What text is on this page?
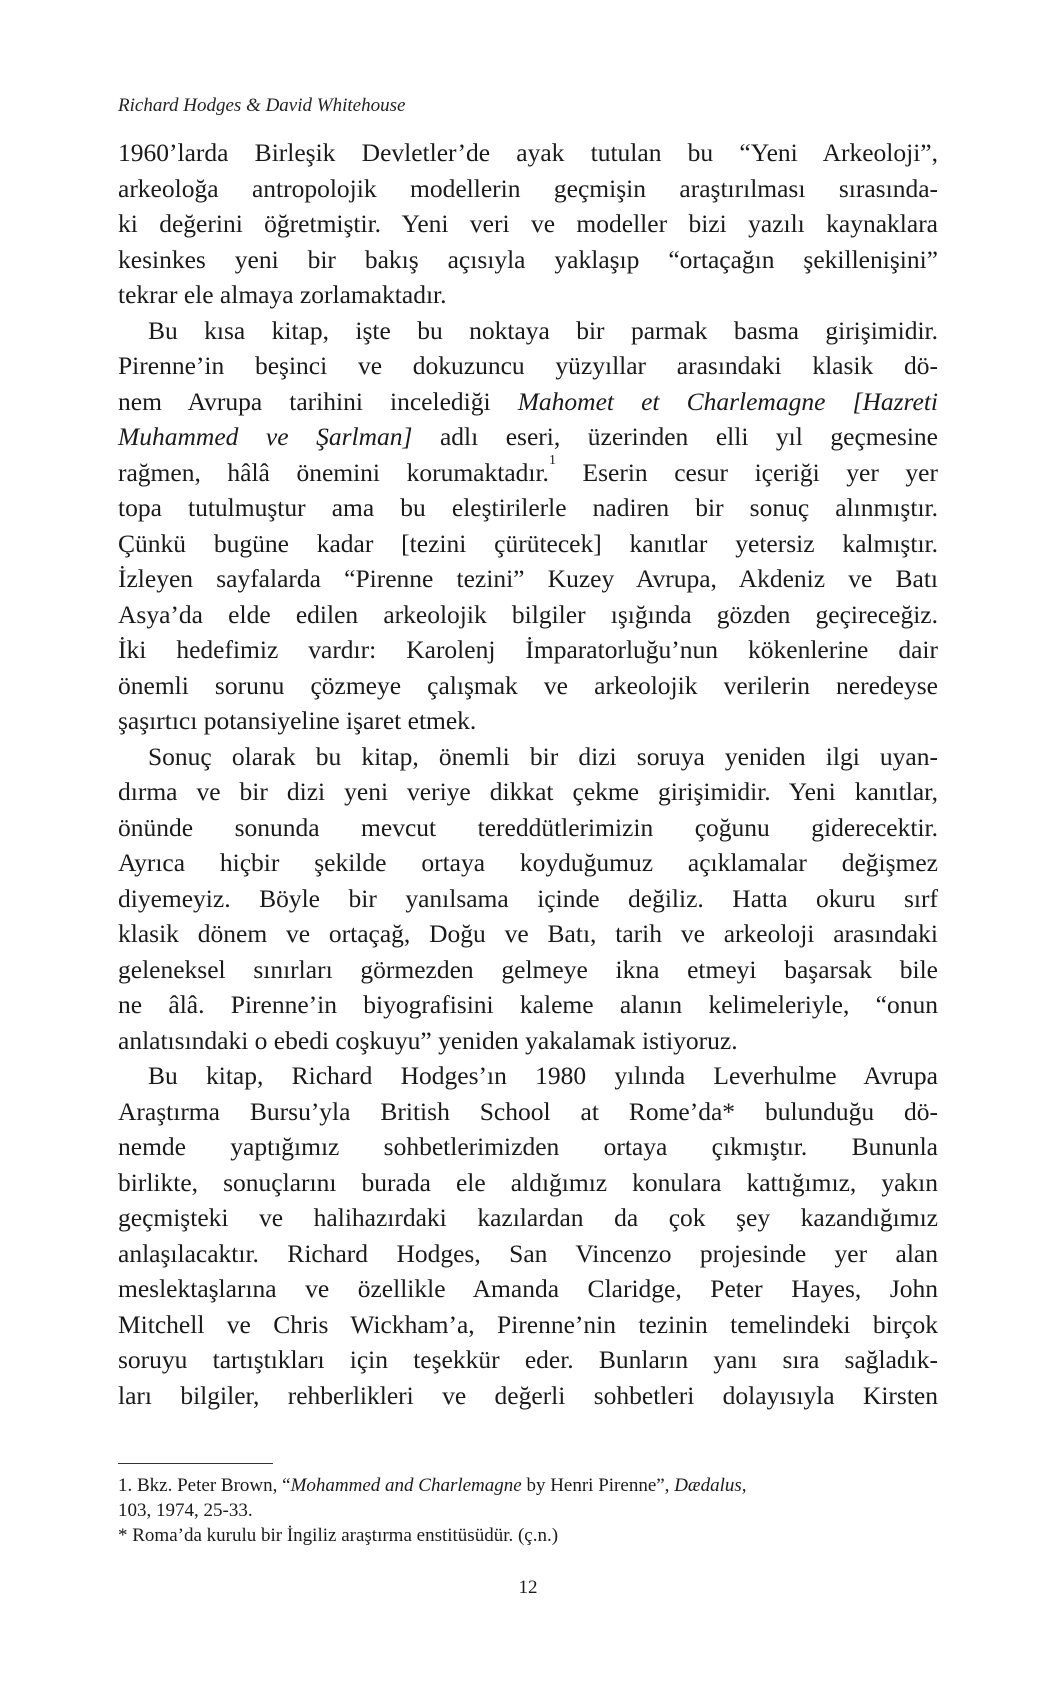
Richard Hodges & David Whitehouse

1960’larda Birleşik Devletler’de ayak tutulan bu “Yeni Arkeoloji”,
arkeoloğa antropolojik modellerin geçmişin araştırılması sırasında-
ki değerini öğretmiştir. Yeni veri ve modeller bizi yazılı kaynaklara
kesinkes yeni bir bakış açısıyla yaklaşıp “ortaçağın şekillenişini”
tekrar ele almaya zorlamaktadır.

Bu kısa kitap, işte bu noktaya bir parmak basma girişimidir.
Pirenne’in beşinci ve dokuzuncu yüzyıllar arasındaki klasik dö-
nem Avrupa tarihini incelediği Mahomet et Charlemagne [Hazreti
Muhammed ve Şarlman] adlı eseri, üzerinden elli yıl geçmesine
rağmen, hâlâ önemini korumaktadır.$^1$ Eserin cesur içeriği yer yer
topa tutulmuştur ama bu eleştirilerle nadiren bir sonuç alınmıştır.
Çünkü bugüne kadar [tezini çürütecek] kanıtlar yetersiz kalmıştır.
İzleyen sayfalarda “Pirenne tezini” Kuzey Avrupa, Akdeniz ve Batı
Asya’da elde edilen arkeolojik bilgiler ışığında gözden geçireceğiz.
İki hedefimiz vardır: Karolenj İmparatorluğu’nun kökenlerine dair
önemli sorunu çözmeye çalışmak ve arkeolojik verilerin neredeyse
şaşırtıcı potansiyeline işaret etmek.

Sonuç olarak bu kitap, önemli bir dizi soruya yeniden ilgi uyan-
dırma ve bir dizi yeni veriye dikkat çekme girişimidir. Yeni kanıtlar,
önünde sonunda mevcut tereddütlerimizin çoğunu giderecektir.
Ayrıca hiçbir şekilde ortaya koyduğumuz açıklamalar değişmez
diyemeyiz. Böyle bir yanılsama içinde değiliz. Hatta okuru sırf
klasik dönem ve ortaçağ, Doğu ve Batı, tarih ve arkeoloji arasındaki
geleneksel sınırları görmezden gelmeye ikna etmeyi başarsak bile
ne âlâ. Pirenne’in biyografisini kaleme alanın kelimeleriyle, “onun
anlatısındaki o ebedi coşkuyu” yeniden yakalamak istiyoruz.

Bu kitap, Richard Hodges’ın 1980 yılında Leverhulme Avrupa
Araştırma Bursu’yla British School at Rome’da* bulunduğu dö-
nemde yaptığımız sohbetlerimizden ortaya çıkmıştır. Bununla
birlikte, sonuçlarını burada ele aldığımız konulara kattığımız, yakın
geçmişteki ve halihazırdaki kazılardan da çok şey kazandığımız
anlaşılacaktır. Richard Hodges, San Vincenzo projesinde yer alan
meslektaşlarına ve özellikle Amanda Claridge, Peter Hayes, John
Mitchell ve Chris Wickham’a, Pirenne’nin tezinin temelindeki birçok
soruyu tartıştıkları için teşekkür eder. Bunların yanı sıra sağladık-
ları bilgiler, rehberlikleri ve değerli sohbetleri dolayısıyla Kirsten

1. Bkz. Peter Brown, “Mohammed and Charlemagne by Henri Pirenne”, Dædalus,
103, 1974, 25-33.
* Roma’da kurulu bir İngiliz araştırma enstitüsüdür. (ç.n.)
12
